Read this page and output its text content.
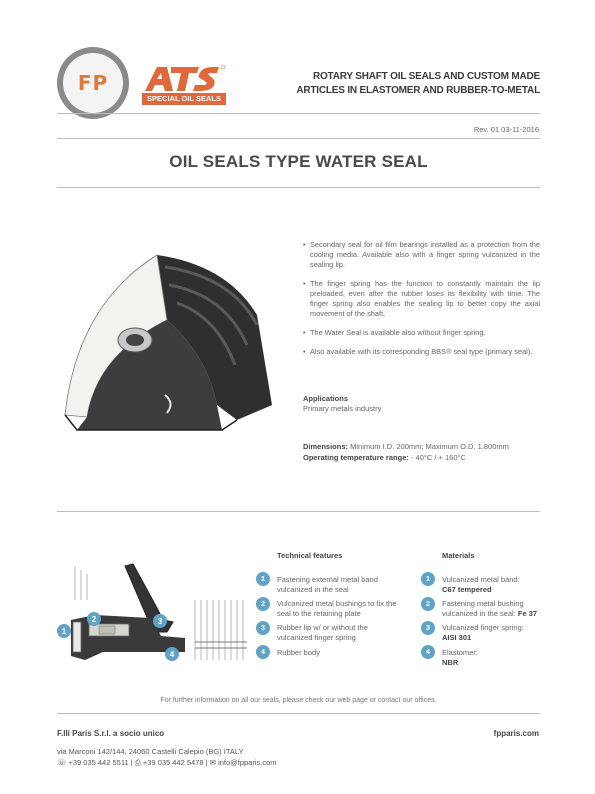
FP
SPECIAL OIL SEALS
ROTARY SHAFT OIL SEALS AND CUSTOM MADE
ARTICLES IN ELASTOMER AND RUBBER-TO-METAL
Rev. 01 03-11-2016
OIL SEALS TYPE WATER SEAL
• Secondary seal for oil film bearings installed as a protection from the cooling media. Available also with a finger spring vulcanized in the sealing lip.
• The finger spring has the function to constantly maintain the lip preloaded, even after the rubber loses its flexibility with time. The finger spring also enables the sealing lip to better copy the axial movement of the shaft.
• The Water Seal is available also without finger spring.
• Also available with its corresponding BBS® seal type (primary seal).
Applications
Primary metals industry
Dimensions: Minimum I.D. 200mm; Maximum O.D. 1.800mm
Operating temperature range: - 40°C / + 160°C
1
2	3
4
Technical features
1	Fastening external metal band vulcanized in the seal
2	Vulcanized metal bushings to fix the seal to the retaining plate
3	Rubber lip w/ or without the vulcanized finger spring
4	Rubber body
Materials
1	Vulcanized metal band:
C67 tempered
2	Fastening metal bushing vulcanized in the seal: Fe 37
3	Vulcanized finger spring:
AISI 301
4	Elastomer:
NBR
For further information on all our seals, please check our web page or contact our offices.
F.lli Paris S.r.l. a socio unico	fpparis.com
via Marconi 142/144, 24060 Castelli Calepio (BG) ITALY
☏ +39 035 442 5511 | ⎙ +39 035 442 5478 | ✉ info@fpparis.com
